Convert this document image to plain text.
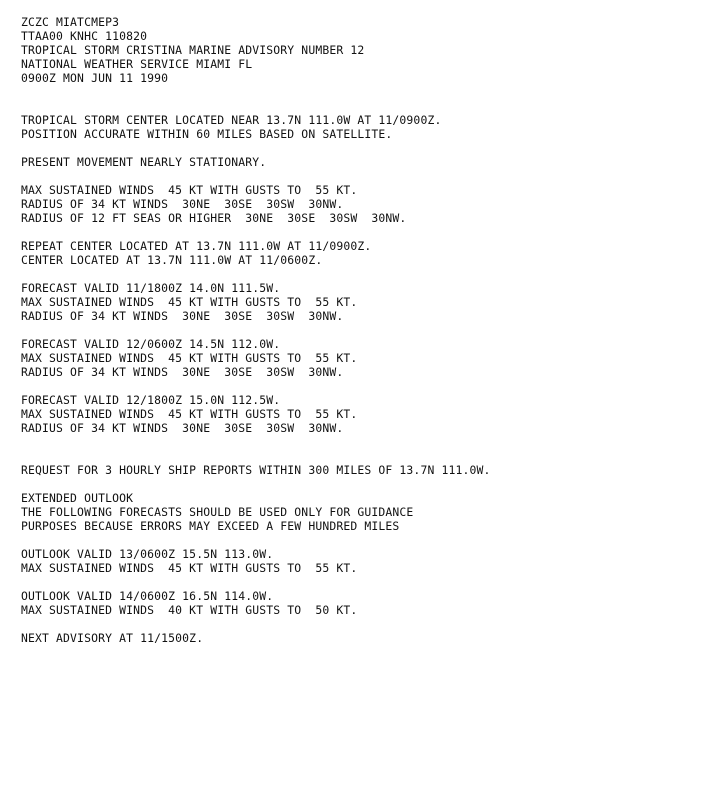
ZCZC MIATCMEP3
TTAA00 KNHC 110820
TROPICAL STORM CRISTINA MARINE ADVISORY NUMBER 12
NATIONAL WEATHER SERVICE MIAMI FL
0900Z MON JUN 11 1990
TROPICAL STORM CENTER LOCATED NEAR 13.7N 111.0W AT 11/0900Z.
POSITION ACCURATE WITHIN 60 MILES BASED ON SATELLITE.
PRESENT MOVEMENT NEARLY STATIONARY.
MAX SUSTAINED WINDS  45 KT WITH GUSTS TO  55 KT.
RADIUS OF 34 KT WINDS  30NE  30SE  30SW  30NW.
RADIUS OF 12 FT SEAS OR HIGHER  30NE  30SE  30SW  30NW.
REPEAT CENTER LOCATED AT 13.7N 111.0W AT 11/0900Z.
CENTER LOCATED AT 13.7N 111.0W AT 11/0600Z.
FORECAST VALID 11/1800Z 14.0N 111.5W.
MAX SUSTAINED WINDS  45 KT WITH GUSTS TO  55 KT.
RADIUS OF 34 KT WINDS  30NE  30SE  30SW  30NW.
FORECAST VALID 12/0600Z 14.5N 112.0W.
MAX SUSTAINED WINDS  45 KT WITH GUSTS TO  55 KT.
RADIUS OF 34 KT WINDS  30NE  30SE  30SW  30NW.
FORECAST VALID 12/1800Z 15.0N 112.5W.
MAX SUSTAINED WINDS  45 KT WITH GUSTS TO  55 KT.
RADIUS OF 34 KT WINDS  30NE  30SE  30SW  30NW.
REQUEST FOR 3 HOURLY SHIP REPORTS WITHIN 300 MILES OF 13.7N 111.0W.
EXTENDED OUTLOOK
THE FOLLOWING FORECASTS SHOULD BE USED ONLY FOR GUIDANCE
PURPOSES BECAUSE ERRORS MAY EXCEED A FEW HUNDRED MILES
OUTLOOK VALID 13/0600Z 15.5N 113.0W.
MAX SUSTAINED WINDS  45 KT WITH GUSTS TO  55 KT.
OUTLOOK VALID 14/0600Z 16.5N 114.0W.
MAX SUSTAINED WINDS  40 KT WITH GUSTS TO  50 KT.
NEXT ADVISORY AT 11/1500Z.
